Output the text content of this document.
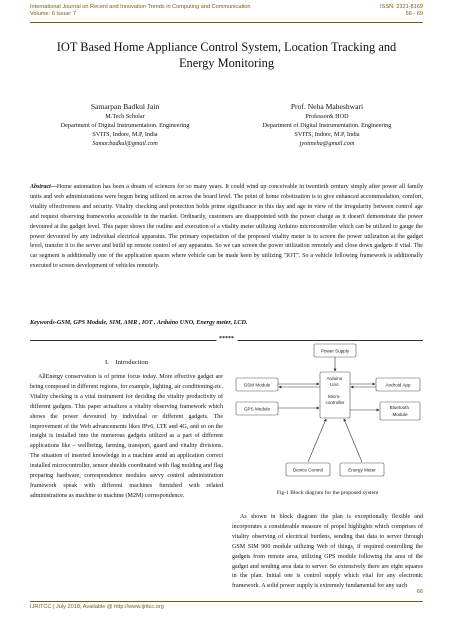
International Journal on Recent and Innovation Trends in Computing and Communication
Volume: 6 Issue: 7
ISSN: 2321-8169
66 - 69
IOT Based Home Appliance Control System, Location Tracking and Energy Monitoring
Samarpan Badkul Jain
M.Tech Scholar
Department of Digital Instrumentation. Engineering
SVITS, Indore, M.P, India
Samar.badkul@gmail.com
Prof. Neha Maheshwari
Professor& HOD
Department of Digital Instrumentation. Engineering
SVITS, Indore, M.P, India
jyotineha@gmail.com
Abstract—Home automation has been a dream of sciences for so many years. It could wind up conceivable in twentieth century simply after power all family units and web administrations were begun being utilized on across the board level. The point of home robotization is to give enhanced accommodation, comfort, vitality effectiveness and security. Vitality checking and protection holds prime significance in this day and age in view of the irregularity between control age and request observing frameworks accessible in the market. Ordinarily, customers are disappointed with the power charge as it doesn't demonstrate the power devoured at the gadget level. This paper shows the outline and execution of a vitality meter utilizing Arduino microcontroller which can be utilized to gauge the power devoured by any individual electrical apparatus. The primary expectation of the proposed vitality meter is to screen the power utilization at the gadget level, transfer it to the server and build up remote control of any apparatus. So we can screen the power utilization remotely and close down gadgets if vital. The car segment is additionally one of the application spaces where vehicle can be made keen by utilizing "IOT". So a vehicle following framework is additionally executed to screen development of vehicles remotely.
Keywords-GSM, GPS Module, SIM, AMR , IOT , Arduino UNO, Energy meter, LCD.
*****
I. Introduction
AllEnergy conservation is of prime focus today. More effective gadget are being composed in different regions, for example, lighting, air conditioning.etc. Vitality checking is a vital instrument for deciding the vitality productivity of different gadgets. This paper actualizes a vitality observing framework which shows the power devoured by individual or different gadgets. The improvement of the Web advancements likes IPv6, LTE and 4G, and so on the insight is installed into the numerous gadgets utilized as a part of different applications like – wellbeing, farming, transport, guard and vitality divisions. The situation of inserted knowledge in a machine amid an application correct installed microcontroller, sensor shields coordinated with flag molding and flag preparing hardware, correspondence modules savvy control administration framework speak with different machines furnished with related administrations as machine to machine (M2M) correspondence.
Power Supply
Arduino Uno Micro- controller
GSM Module
GPS Module
Android App
Bluetooth Module
Device Control	Energy Meter
Fig-1 Block diagram for the proposed system
As shown in block diagram the plan is exceptionally flexible and incorporates a considerable measure of propel highlights which comprises of vitality observing of electrical burdens, sending that data to server through GSM SIM 900 module utilizing Web of things, if required controlling the gadgets from remote area, utilizing GPS module following the area of the gadget and sending area data to server. So extensively there are eight squares in the plan. Initial one is control supply which vital for any electronic framework. A solid power supply is extremely fundamental for any such
66
IJRITCC | July 2018, Available @ http://www.ijritcc.org
